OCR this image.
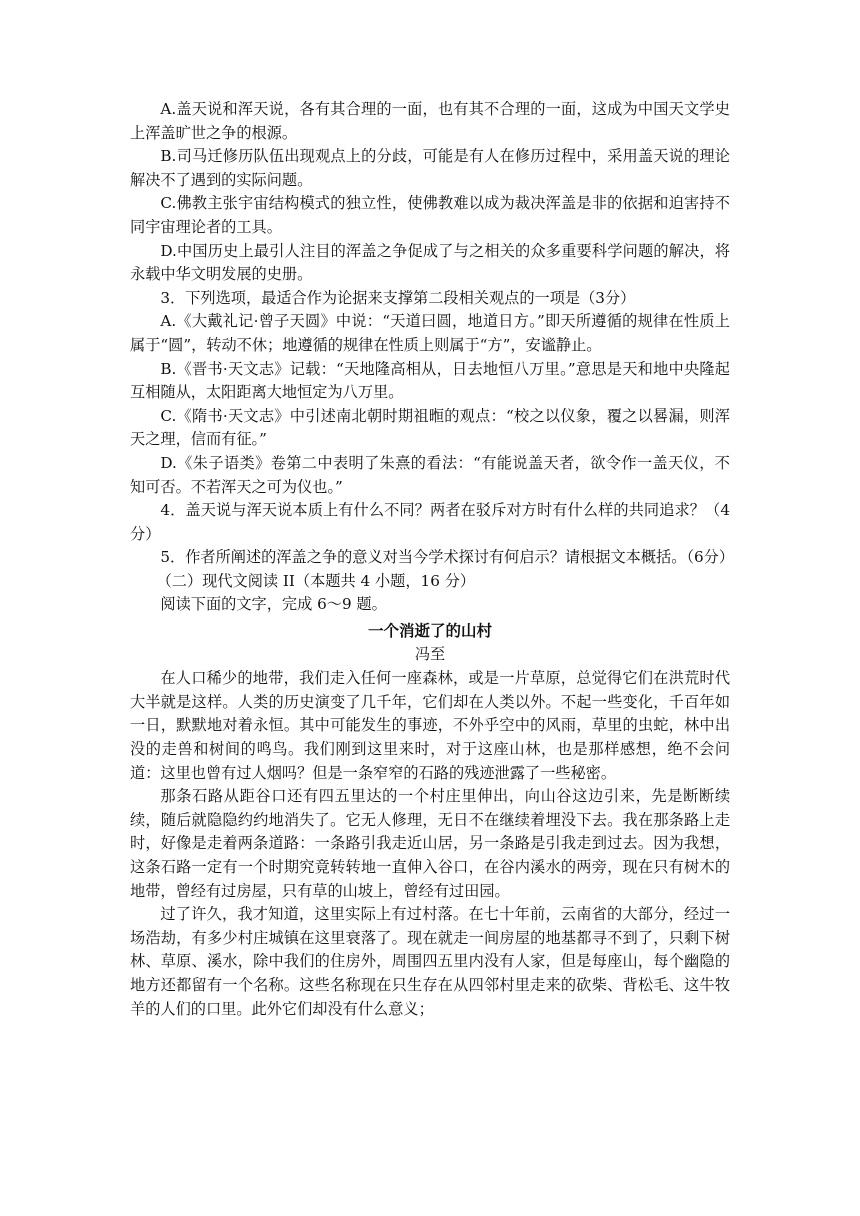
A.盖天说和浑天说，各有其合理的一面，也有其不合理的一面，这成为中国天文学史上浑盖旷世之争的根源。

B.司马迁修历队伍出现观点上的分歧，可能是有人在修历过程中，采用盖天说的理论解决不了遇到的实际问题。

C.佛教主张宇宙结构模式的独立性，使佛教难以成为裁决浑盖是非的依据和迫害持不同宇宙理论者的工具。

D.中国历史上最引人注目的浑盖之争促成了与之相关的众多重要科学问题的解决，将永载中华文明发展的史册。

3．下列选项，最适合作为论据来支撑第二段相关观点的一项是（3分）

A.《大戴礼记·曾子天圆》中说：“天道曰圆，地道日方。”即天所遵循的规律在性质上属于“圆”，转动不休；地遵循的规律在性质上则属于“方”，安谧静止。

B.《晋书·天文志》记载：“天地隆高相从，日去地恒八万里。”意思是天和地中央隆起互相随从，太阳距离大地恒定为八万里。

C.《隋书·天文志》中引述南北朝时期祖暅的观点：“校之以仪象，覆之以晷漏，则浑天之理，信而有征。”

D.《朱子语类》卷第二中表明了朱熹的看法：“有能说盖天者，欲令作一盖天仪，不知可否。不若浑天之可为仪也。”

4．盖天说与浑天说本质上有什么不同？两者在驳斥对方时有什么样的共同追求？（4分）

5．作者所阐述的浑盖之争的意义对当今学术探讨有何启示？请根据文本概括。（6分）

（二）现代文阅读 II（本题共 4 小题，16 分）

阅读下面的文字，完成 6～9 题。

一个消逝了的山村

冯至

在人口稀少的地带，我们走入任何一座森林，或是一片草原，总觉得它们在洪荒时代大半就是这样。人类的历史演变了几千年，它们却在人类以外。不起一些变化，千百年如一日，默默地对着永恒。其中可能发生的事迹，不外乎空中的风雨，草里的虫蛇，林中出没的走兽和树间的鸣鸟。我们刚到这里来时，对于这座山林，也是那样感想，绝不会问道：这里也曾有过人烟吗？但是一条窄窄的石路的残迹泄露了一些秘密。

那条石路从距谷口还有四五里达的一个村庄里伸出，向山谷这边引来，先是断断续续，随后就隐隐约约地消失了。它无人修理，无日不在继续着埋没下去。我在那条路上走时，好像是走着两条道路：一条路引我走近山居，另一条路是引我走到过去。因为我想，这条石路一定有一个时期究竟转转地一直伸入谷口，在谷内溪水的两旁，现在只有树木的地带，曾经有过房屋，只有草的山坡上，曾经有过田园。

过了许久，我才知道，这里实际上有过村落。在七十年前，云南省的大部分，经过一场浩劫，有多少村庄城镇在这里衰落了。现在就走一间房屋的地基都寻不到了，只剩下树林、草原、溪水，除中我们的住房外，周围四五里内没有人家，但是每座山，每个幽隐的地方还都留有一个名称。这些名称现在只生存在从四邻村里走来的砍柴、背松毛、这牛牧羊的人们的口里。此外它们却没有什么意义；
